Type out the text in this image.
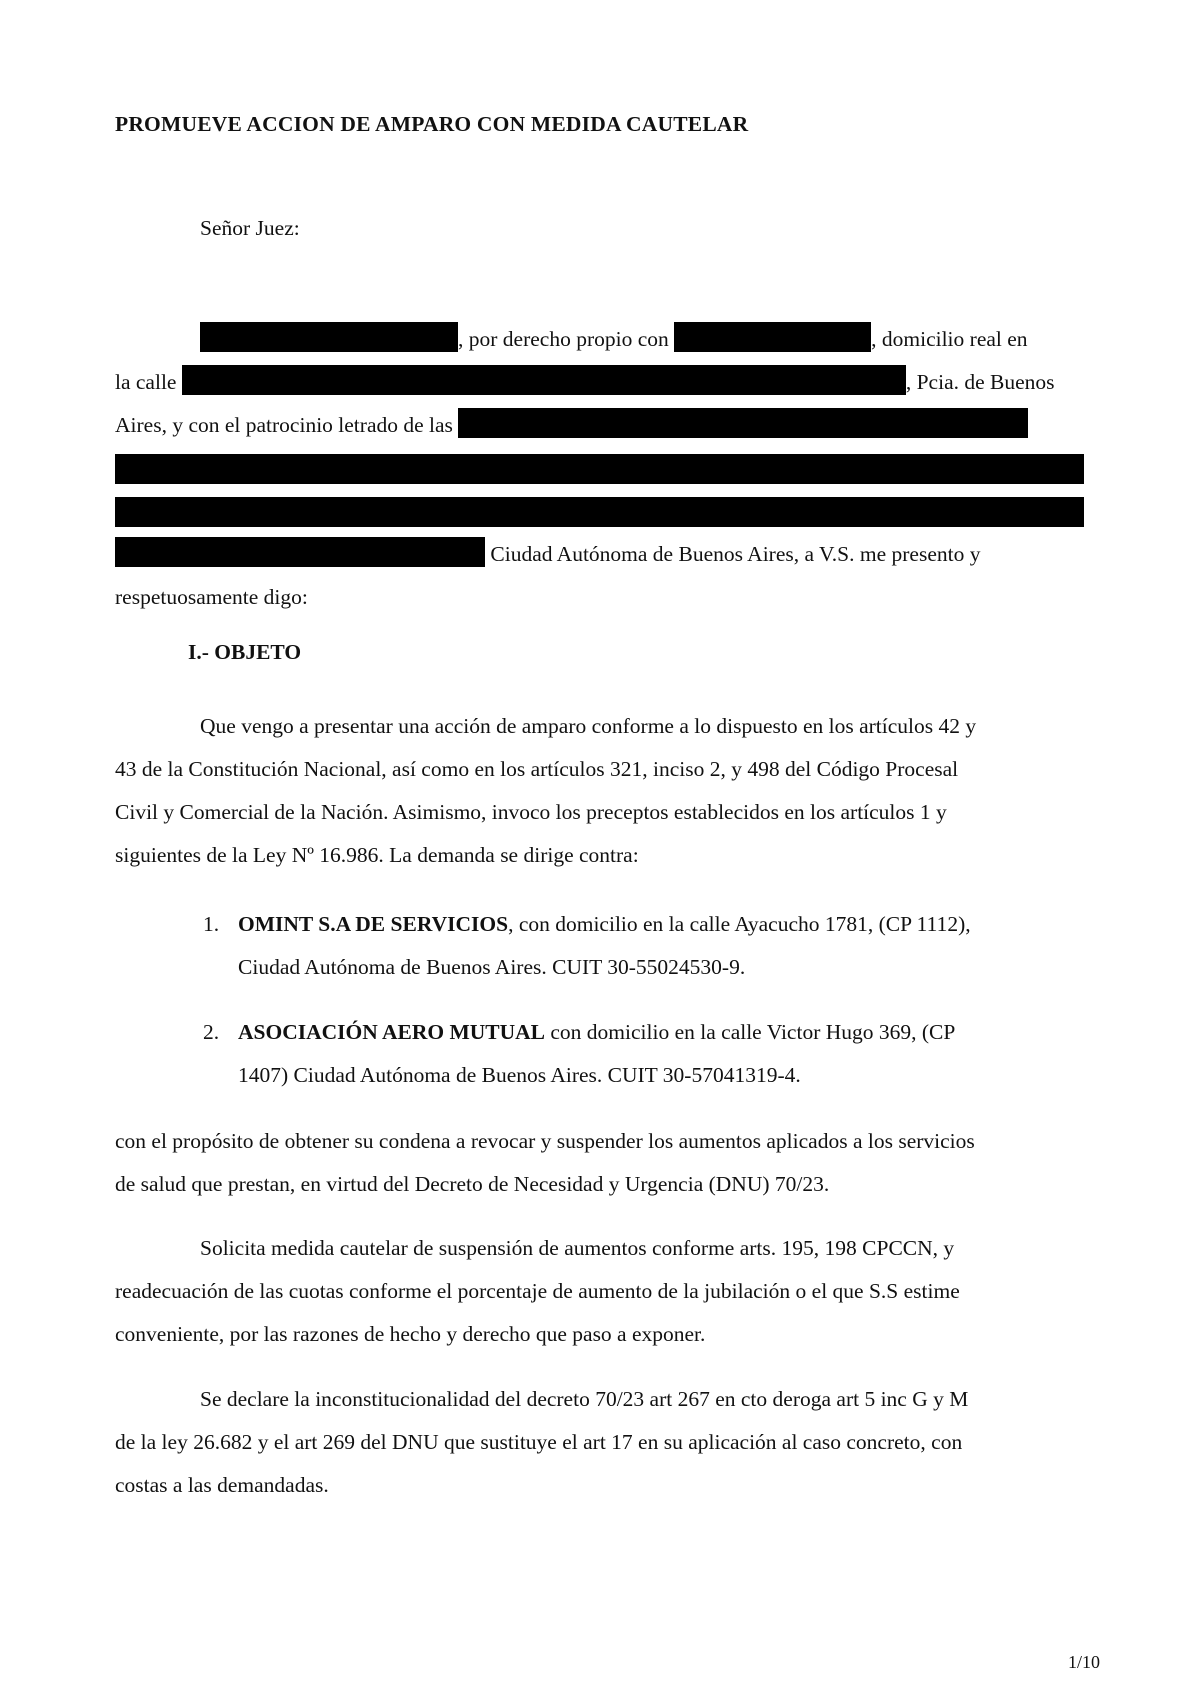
PROMUEVE ACCION DE AMPARO CON MEDIDA CAUTELAR
Señor Juez:
, por derecho propio con	, domicilio real en
la calle	, Pcia. de Buenos
Aires, y con el patrocinio letrado de las
Ciudad Autónoma de Buenos Aires, a V.S. me presento y
respetuosamente digo:
I.- OBJETO
Que vengo a presentar una acción de amparo conforme a lo dispuesto en los artículos 42 y
43 de la Constitución Nacional, así como en los artículos 321, inciso 2, y 498 del Código Procesal
Civil y Comercial de la Nación. Asimismo, invoco los preceptos establecidos en los artículos 1 y
siguientes de la Ley Nº 16.986. La demanda se dirige contra:
1. OMINT S.A DE SERVICIOS, con domicilio en la calle Ayacucho 1781, (CP 1112),
Ciudad Autónoma de Buenos Aires. CUIT 30-55024530-9.
2. ASOCIACIÓN AERO MUTUAL con domicilio en la calle Victor Hugo 369, (CP
1407) Ciudad Autónoma de Buenos Aires. CUIT 30-57041319-4.
con el propósito de obtener su condena a revocar y suspender los aumentos aplicados a los servicios
de salud que prestan, en virtud del Decreto de Necesidad y Urgencia (DNU) 70/23.
Solicita medida cautelar de suspensión de aumentos conforme arts. 195, 198 CPCCN, y
readecuación de las cuotas conforme el porcentaje de aumento de la jubilación o el que S.S estime
conveniente, por las razones de hecho y derecho que paso a exponer.
Se declare la inconstitucionalidad del decreto 70/23 art 267 en cto deroga art 5 inc G y M
de la ley 26.682 y el art 269 del DNU que sustituye el art 17 en su aplicación al caso concreto, con
costas a las demandadas.
1/10
